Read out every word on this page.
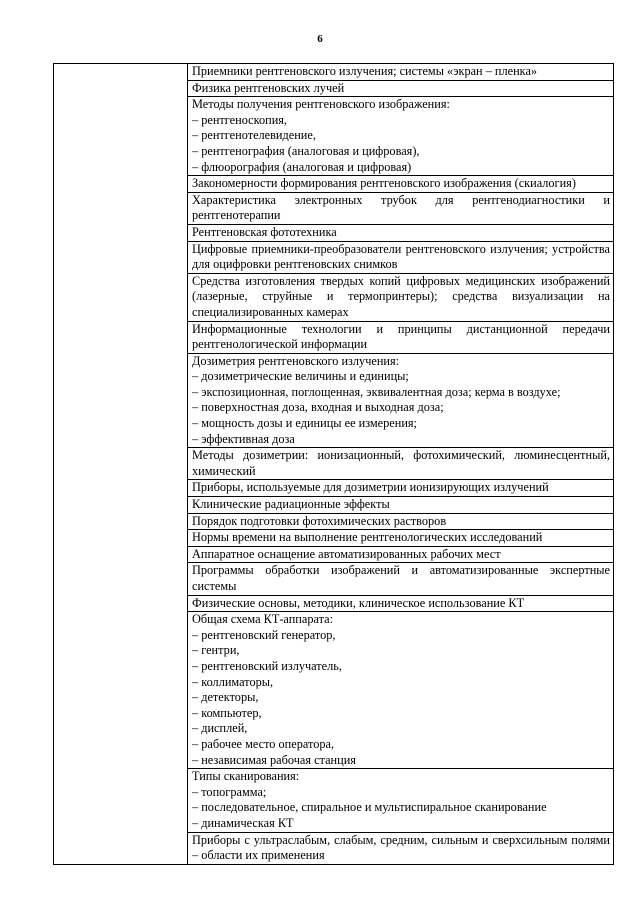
6

Приемники рентгеновского излучения; системы «экран – пленка»

Физика рентгеновских лучей

Методы получения рентгеновского изображения:
– рентгеноскопия,
– рентгенотелевидение,
– рентгенография (аналоговая и цифровая),
– флюорография (аналоговая и цифровая)

Закономерности формирования рентгеновского изображения (скиалогия)

Характеристика электронных трубок для рентгенодиагностики и рентгенотерапии

Рентгеновская фототехника

Цифровые приемники-преобразователи рентгеновского излучения; устройства для оцифровки рентгеновских снимков

Средства изготовления твердых копий цифровых медицинских изображений (лазерные, струйные и термопринтеры); средства визуализации на специализированных камерах

Информационные технологии и принципы дистанционной передачи рентгенологической информации

Дозиметрия рентгеновского излучения:
– дозиметрические величины и единицы;
– экспозиционная, поглощенная, эквивалентная доза; керма в воздухе;
– поверхностная доза, входная и выходная доза;
– мощность дозы и единицы ее измерения;
– эффективная доза

Методы дозиметрии: ионизационный, фотохимический, люминесцентный, химический

Приборы, используемые для дозиметрии ионизирующих излучений

Клинические радиационные эффекты

Порядок подготовки фотохимических растворов

Нормы времени на выполнение рентгенологических исследований

Аппаратное оснащение автоматизированных рабочих мест

Программы обработки изображений и автоматизированные экспертные системы

Физические основы, методики, клиническое использование КТ

Общая схема КТ-аппарата:
– рентгеновский генератор,
– гентри,
– рентгеновский излучатель,
– коллиматоры,
– детекторы,
– компьютер,
– дисплей,
– рабочее место оператора,
– независимая рабочая станция

Типы сканирования:
– топограмма;
– последовательное, спиральное и мультиспиральное сканирование
– динамическая КТ

Приборы с ультраслабым, слабым, средним, сильным и сверхсильным полями – области их применения
